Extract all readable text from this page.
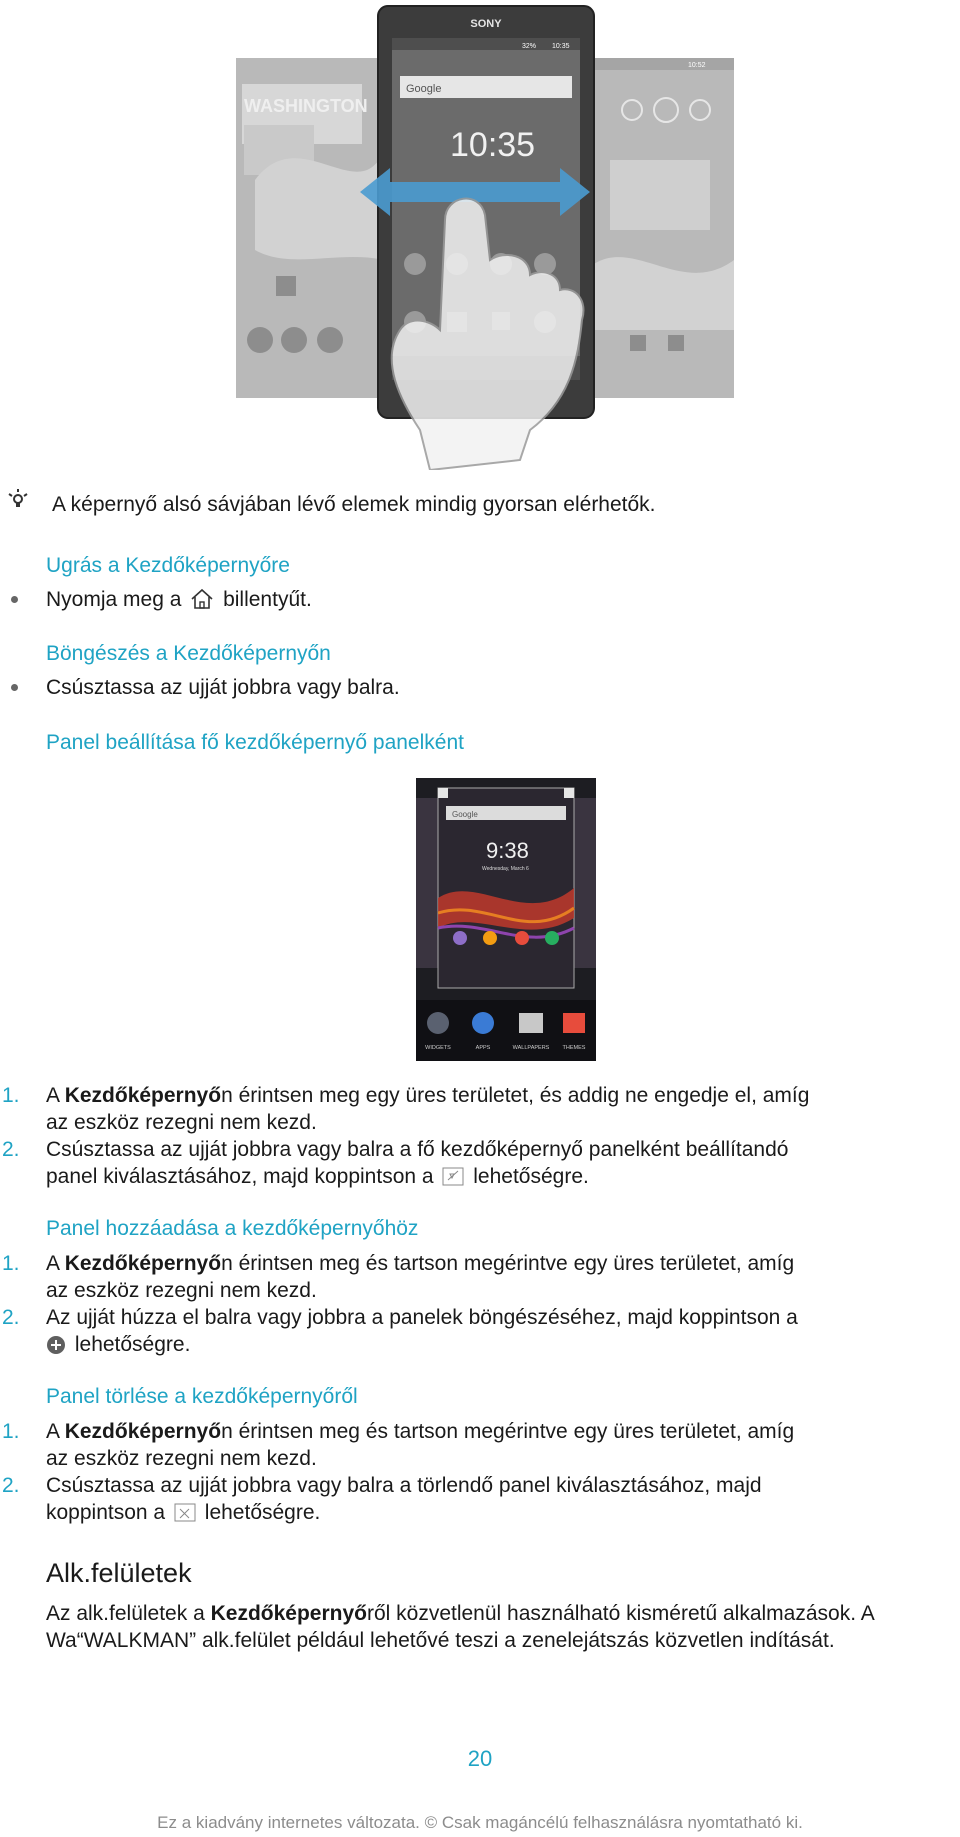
WASHINGTON
10:52
SONY
32% 10:35
Google
10:35
A képernyő alsó sávjában lévő elemek mindig gyorsan elérhetők.
Ugrás a Kezdőképernyőre
Nyomja meg a billentyűt.
Böngészés a Kezdőképernyőn
Csúsztassa az ujját jobbra vagy balra.
Panel beállítása fő kezdőképernyő panelként
Google
9:38
Wednesday, March 6
WIDGETS	APPS	WALLPAPERS THEMES
1. A Kezdőképernyőn érintsen meg egy üres területet, és addig ne engedje el, amíg
az eszköz rezegni nem kezd.
2. Csúsztassa az ujját jobbra vagy balra a fő kezdőképernyő panelként beállítandó
panel kiválasztásához, majd koppintson a lehetőségre.
Panel hozzáadása a kezdőképernyőhöz
1. A Kezdőképernyőn érintsen meg és tartson megérintve egy üres területet, amíg
az eszköz rezegni nem kezd.
2. Az ujját húzza el balra vagy jobbra a panelek böngészéséhez, majd koppintson a
lehetőségre.
Panel törlése a kezdőképernyőről
1. A Kezdőképernyőn érintsen meg és tartson megérintve egy üres területet, amíg
az eszköz rezegni nem kezd.
2. Csúsztassa az ujját jobbra vagy balra a törlendő panel kiválasztásához, majd
koppintson a lehetőségre.
Alk.felületek
Az alk.felületek a Kezdőképernyőről közvetlenül használható kisméretű alkalmazások. A
Wa“WALKMAN” alk.felület például lehetővé teszi a zenelejátszás közvetlen indítását.
20
Ez a kiadvány internetes változata. © Csak magáncélú felhasználásra nyomtatható ki.
